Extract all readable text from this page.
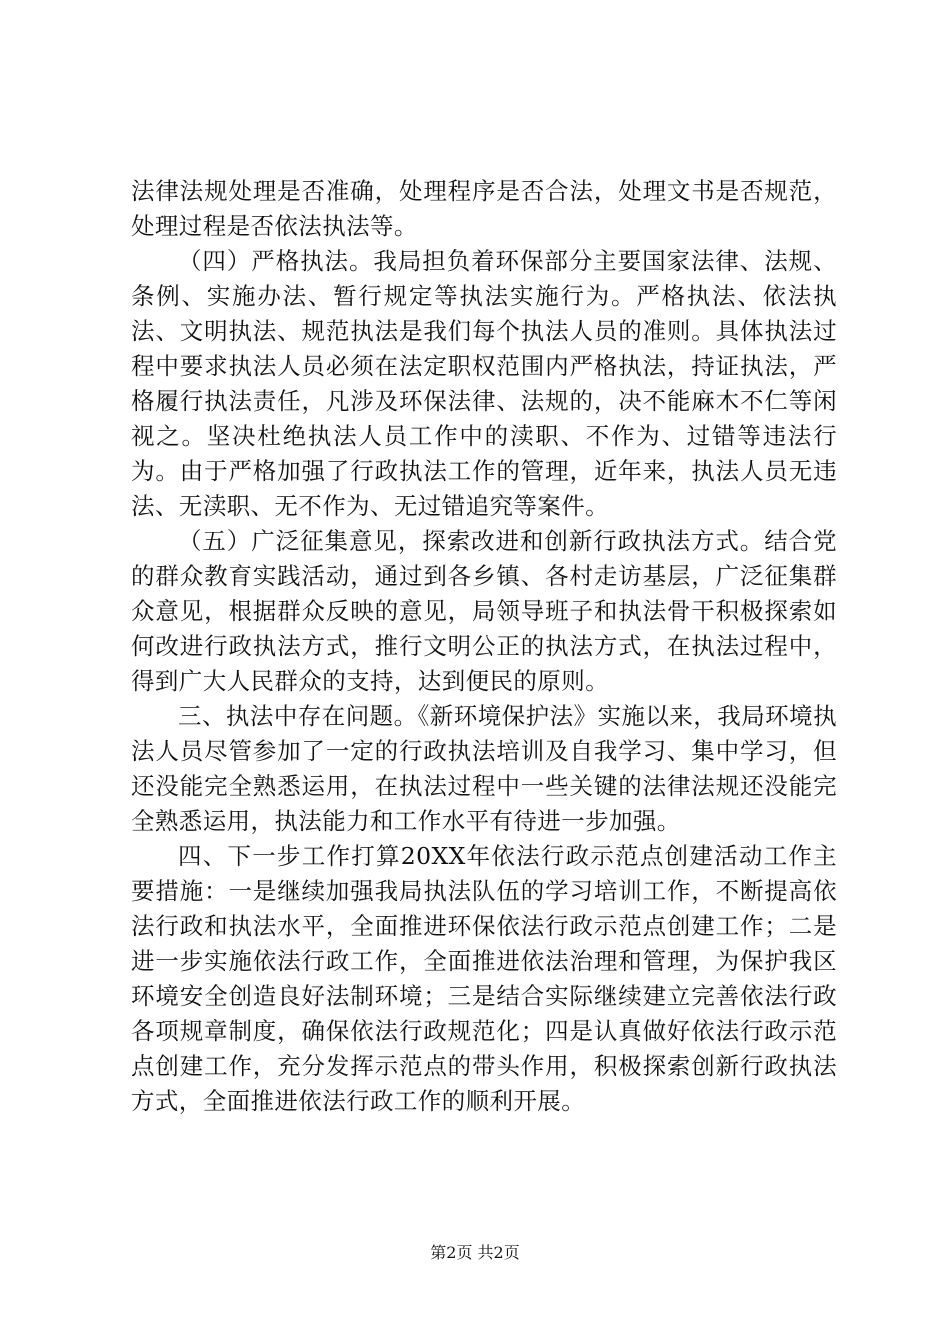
法律法规处理是否准确，处理程序是否合法，处理文书是否规范，处理过程是否依法执法等。

（四）严格执法。我局担负着环保部分主要国家法律、法规、条例、实施办法、暂行规定等执法实施行为。严格执法、依法执法、文明执法、规范执法是我们每个执法人员的准则。具体执法过程中要求执法人员必须在法定职权范围内严格执法，持证执法，严格履行执法责任，凡涉及环保法律、法规的，决不能麻木不仁等闲视之。坚决杜绝执法人员工作中的渎职、不作为、过错等违法行为。由于严格加强了行政执法工作的管理，近年来，执法人员无违法、无渎职、无不作为、无过错追究等案件。

（五）广泛征集意见，探索改进和创新行政执法方式。结合党的群众教育实践活动，通过到各乡镇、各村走访基层，广泛征集群众意见，根据群众反映的意见，局领导班子和执法骨干积极探索如何改进行政执法方式，推行文明公正的执法方式，在执法过程中，得到广大人民群众的支持，达到便民的原则。

三、执法中存在问题。《新环境保护法》实施以来，我局环境执法人员尽管参加了一定的行政执法培训及自我学习、集中学习，但还没能完全熟悉运用，在执法过程中一些关键的法律法规还没能完全熟悉运用，执法能力和工作水平有待进一步加强。

四、下一步工作打算20XX年依法行政示范点创建活动工作主要措施：一是继续加强我局执法队伍的学习培训工作，不断提高依法行政和执法水平，全面推进环保依法行政示范点创建工作；二是进一步实施依法行政工作，全面推进依法治理和管理，为保护我区环境安全创造良好法制环境；三是结合实际继续建立完善依法行政各项规章制度，确保依法行政规范化；四是认真做好依法行政示范点创建工作，充分发挥示范点的带头作用，积极探索创新行政执法方式，全面推进依法行政工作的顺利开展。

第2页 共2页
